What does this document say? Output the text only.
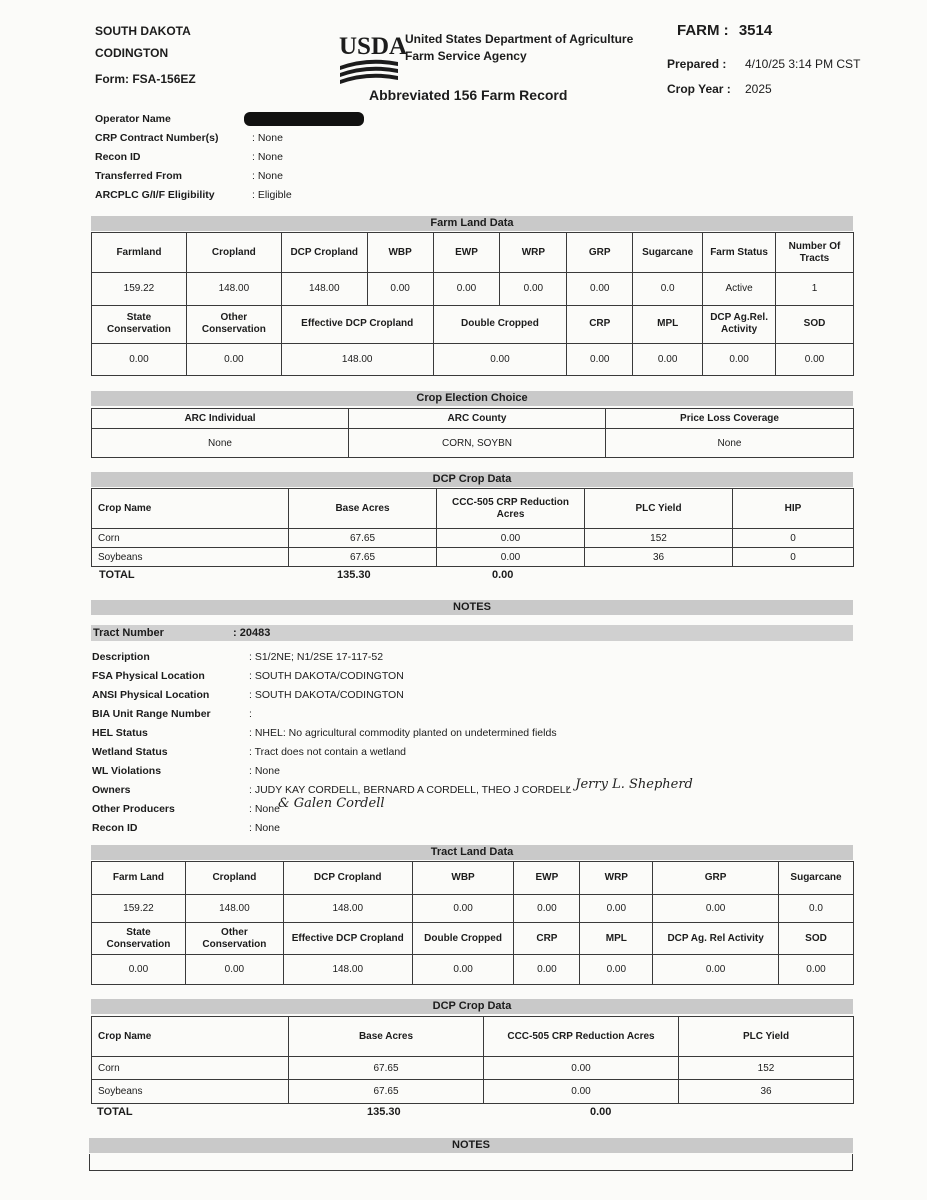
SOUTH DAKOTA
CODINGTON
Form: FSA-156EZ
USDA
United States Department of Agriculture
Farm Service Agency
Abbreviated 156 Farm Record
FARM : 3514
Prepared : 4/10/25 3:14 PM CST
Crop Year : 2025
Operator Name
CRP Contract Number(s)	: None
Recon ID	: None
Transferred From	: None
ARCPLC G/I/F Eligibility	: Eligible
Farm Land Data
Farmland	Cropland	DCP Cropland	WBP	EWP	WRP	GRP	Sugarcane	Farm Status	Number Of Tracts
159.22	148.00	148.00	0.00	0.00	0.00	0.00	0.0	Active	1
State Conservation	Other Conservation	Effective DCP Cropland		Double Cropped		CRP	MPL	DCP Ag.Rel. Activity	SOD
0.00	0.00	148.00		0.00		0.00	0.00	0.00	0.00
Crop Election Choice
ARC Individual	ARC County	Price Loss Coverage
None	CORN, SOYBN	None
DCP Crop Data
Crop Name	Base Acres	CCC-505 CRP Reduction Acres	PLC Yield	HIP
Corn	67.65	0.00	152	0
Soybeans	67.65	0.00	36	0
TOTAL	135.30	0.00
NOTES
Tract Number	: 20483
Description	: S1/2NE; N1/2SE 17-117-52
FSA Physical Location	: SOUTH DAKOTA/CODINGTON
ANSI Physical Location	: SOUTH DAKOTA/CODINGTON
BIA Unit Range Number	:
HEL Status	: NHEL: No agricultural commodity planted on undetermined fields
Wetland Status	: Tract does not contain a wetland
WL Violations	: None
Owners	: JUDY KAY CORDELL, BERNARD A CORDELL, THEO J CORDELL
Other Producers	: None
Recon ID	: None
, Jerry L. Shepherd
& Galen Cordell
Tract Land Data
Farm Land	Cropland	DCP Cropland	WBP	EWP	WRP	GRP	Sugarcane
159.22	148.00	148.00	0.00	0.00	0.00	0.00	0.0
State Conservation	Other Conservation	Effective DCP Cropland	Double Cropped	CRP	MPL	DCP Ag. Rel Activity	SOD
0.00	0.00	148.00	0.00	0.00	0.00	0.00	0.00
DCP Crop Data
Crop Name	Base Acres	CCC-505 CRP Reduction Acres	PLC Yield
Corn	67.65	0.00	152
Soybeans	67.65	0.00	36
TOTAL	135.30	0.00
NOTES
